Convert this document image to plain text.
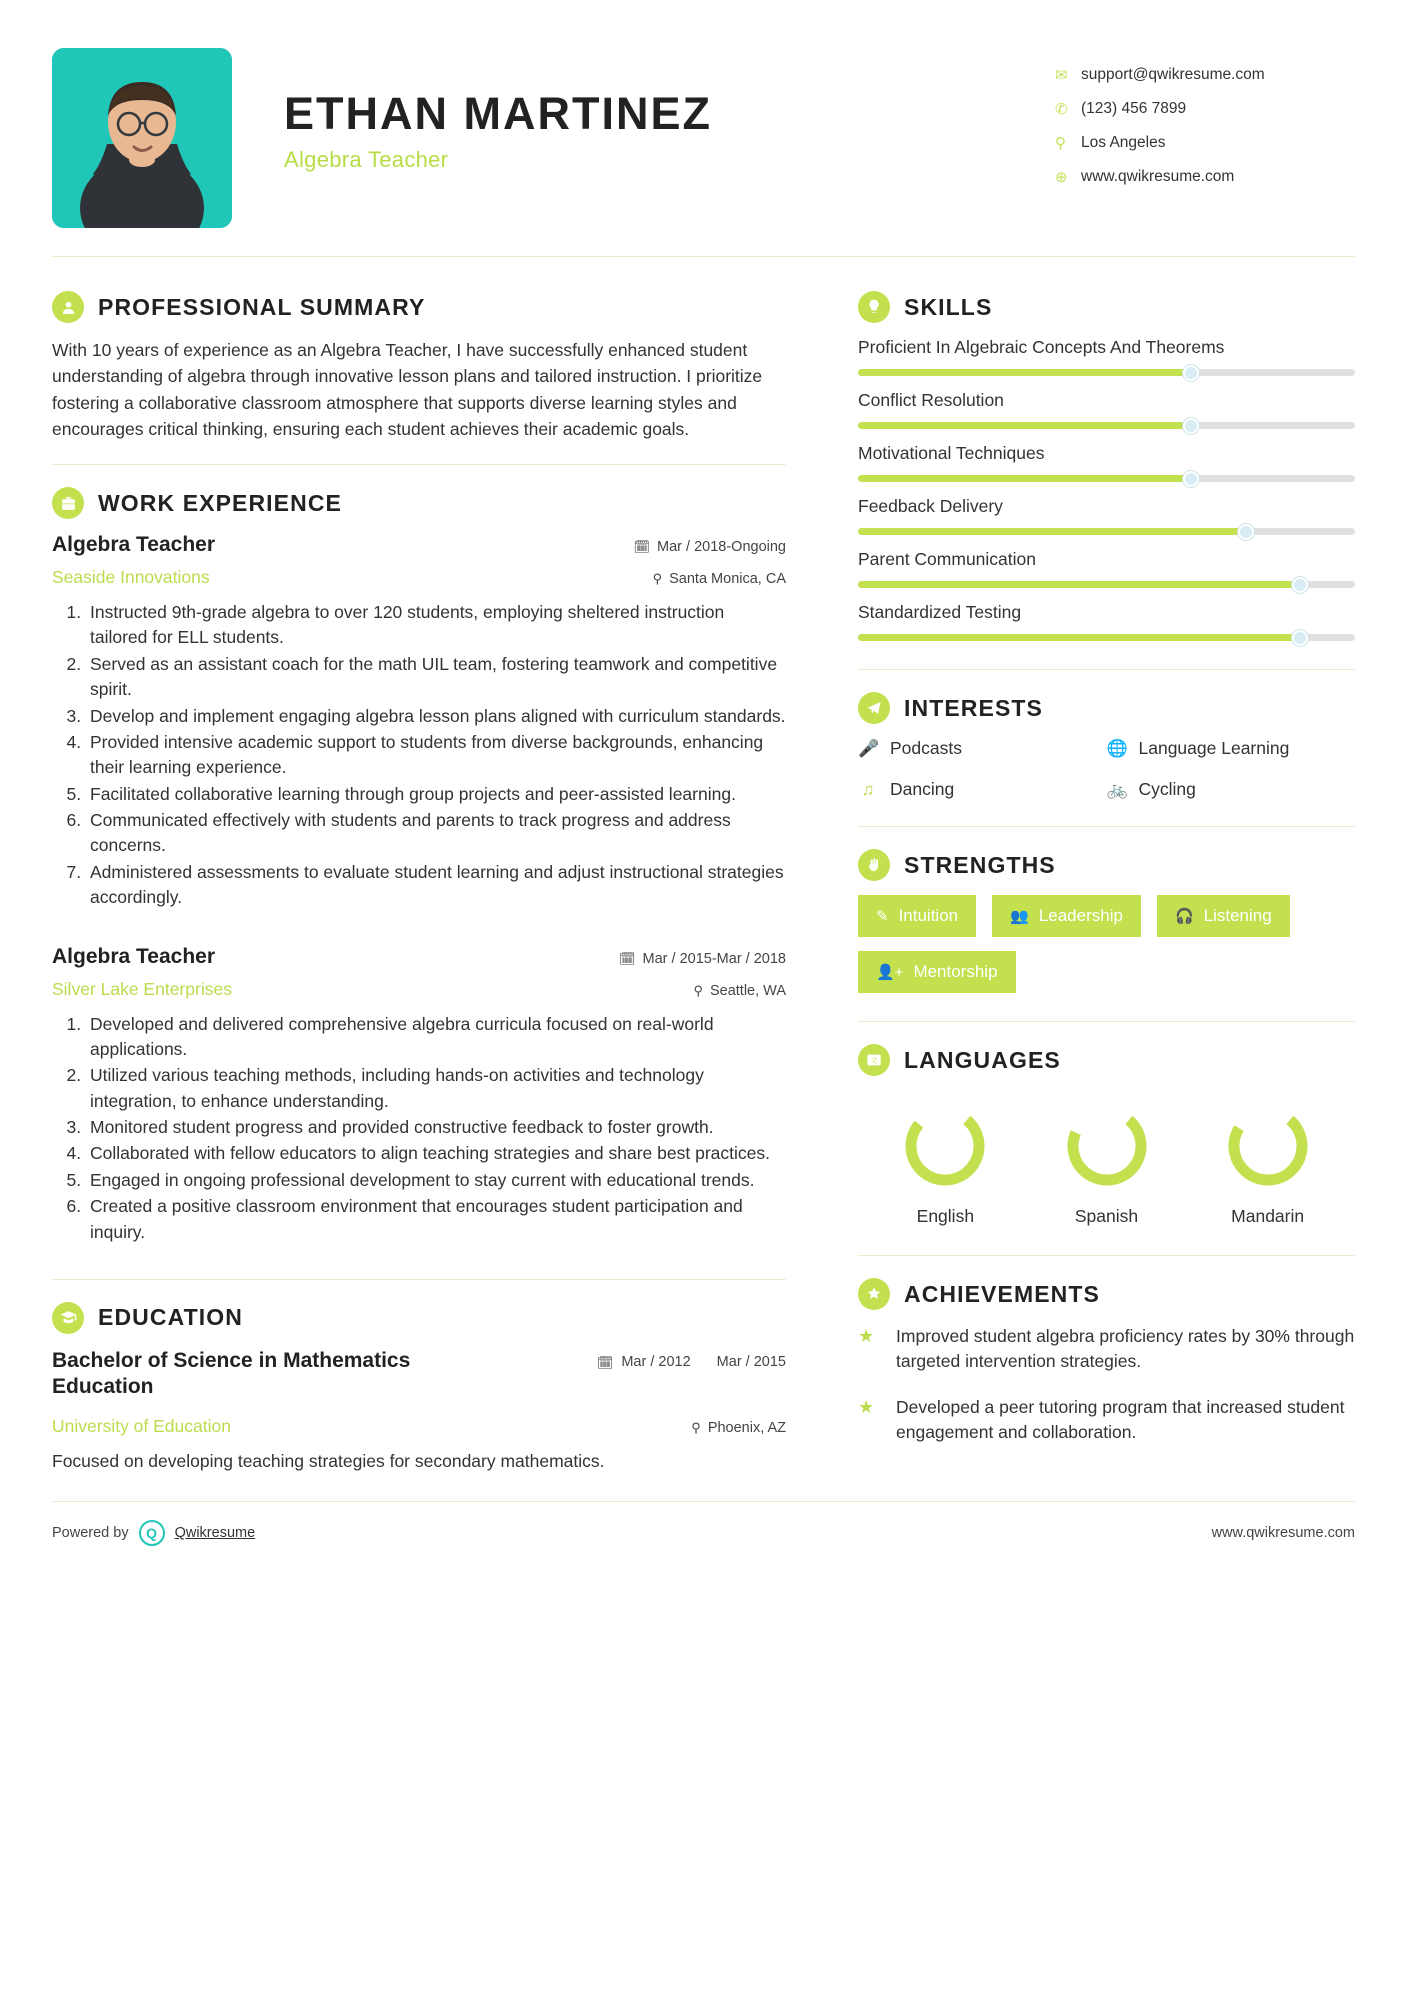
ETHAN MARTINEZ
Algebra Teacher
✉ support@qwikresume.com
✆ (123) 456 7899
⚲ Los Angeles
⊕ www.qwikresume.com
PROFESSIONAL SUMMARY

With 10 years of experience as an Algebra Teacher, I have successfully enhanced student understanding of algebra through innovative lesson plans and tailored instruction. I prioritize fostering a collaborative classroom atmosphere that supports diverse learning styles and encourages critical thinking, ensuring each student achieves their academic goals.

WORK EXPERIENCE
Algebra Teacher	🗓 Mar / 2018-Ongoing
Seaside Innovations	⚲ Santa Monica, CA
1. Instructed 9th-grade algebra to over 120 students, employing sheltered instruction tailored for ELL students.
2. Served as an assistant coach for the math UIL team, fostering teamwork and competitive spirit.
3. Develop and implement engaging algebra lesson plans aligned with curriculum standards.
4. Provided intensive academic support to students from diverse backgrounds, enhancing their learning experience.
5. Facilitated collaborative learning through group projects and peer-assisted learning.
6. Communicated effectively with students and parents to track progress and address concerns.
7. Administered assessments to evaluate student learning and adjust instructional strategies accordingly.
Algebra Teacher	🗓 Mar / 2015-Mar / 2018
Silver Lake Enterprises	⚲ Seattle, WA
1. Developed and delivered comprehensive algebra curricula focused on real-world applications.
2. Utilized various teaching methods, including hands-on activities and technology integration, to enhance understanding.
3. Monitored student progress and provided constructive feedback to foster growth.
4. Collaborated with fellow educators to align teaching strategies and share best practices.
5. Engaged in ongoing professional development to stay current with educational trends.
6. Created a positive classroom environment that encourages student participation and inquiry.
EDUCATION
Bachelor of Science in Mathematics Education
🗓 Mar / 2012 Mar / 2015
University of Education	⚲ Phoenix, AZ
Focused on developing teaching strategies for secondary mathematics.
SKILLS
Proficient In Algebraic Concepts And Theorems
Conflict Resolution
Motivational Techniques
Feedback Delivery
Parent Communication
Standardized Testing
INTERESTS
🎤 Podcasts	🌐 Language Learning
♫ Dancing	🚲 Cycling
STRENGTHS
✎ Intuition	👥 Leadership	🎧 Listening
👤+ Mentorship
文 LANGUAGES
English	Spanish	Mandarin
ACHIEVEMENTS
★	Improved student algebra proficiency rates by 30% through targeted intervention strategies.
★	Developed a peer tutoring program that increased student engagement and collaboration.
Powered by	Q	Qwikresume	www.qwikresume.com
